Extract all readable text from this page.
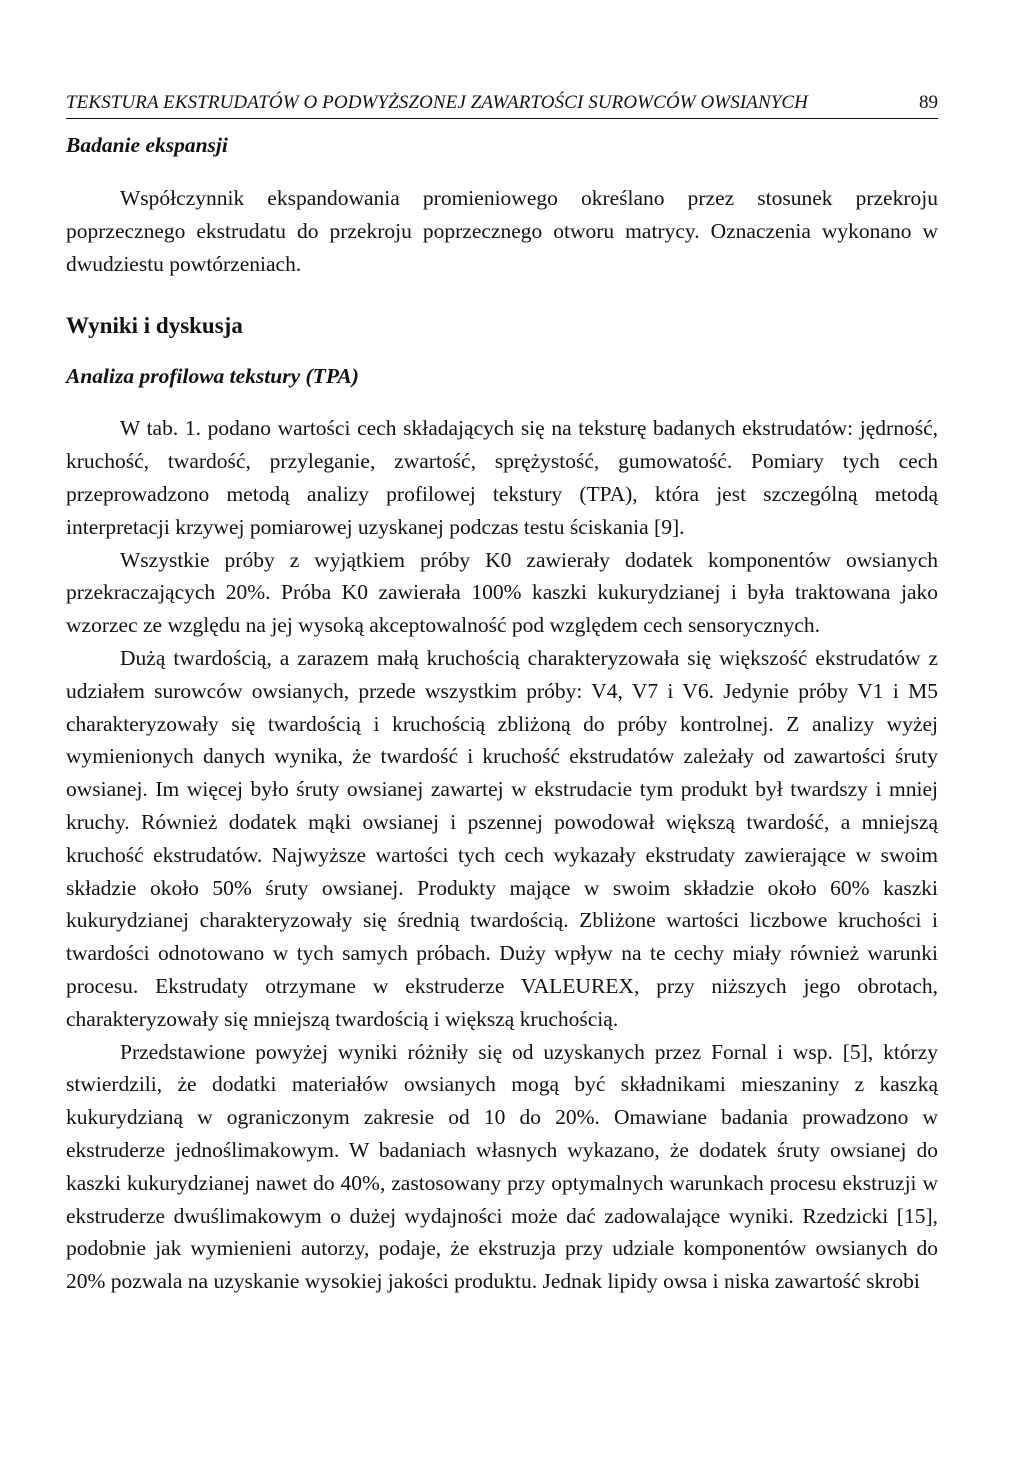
TEKSTURA EKSTRUDATÓW O PODWYŻSZONEJ ZAWARTOŚCI SUROWCÓW OWSIANYCH	89
Badanie ekspansji

Współczynnik ekspandowania promieniowego określano przez stosunek przekroju poprzecznego ekstrudatu do przekroju poprzecznego otworu matrycy. Oznaczenia wykonano w dwudziestu powtórzeniach.

Wyniki i dyskusja
Analiza profilowa tekstury (TPA)

W tab. 1. podano wartości cech składających się na teksturę badanych ekstrudatów: jędrność, kruchość, twardość, przyleganie, zwartość, sprężystość, gumowatość. Pomiary tych cech przeprowadzono metodą analizy profilowej tekstury (TPA), która jest szczególną metodą interpretacji krzywej pomiarowej uzyskanej podczas testu ściskania [9].

Wszystkie próby z wyjątkiem próby K0 zawierały dodatek komponentów owsianych przekraczających 20%. Próba K0 zawierała 100% kaszki kukurydzianej i była traktowana jako wzorzec ze względu na jej wysoką akceptowalność pod względem cech sensorycznych.

Dużą twardością, a zarazem małą kruchością charakteryzowała się większość ekstrudatów z udziałem surowców owsianych, przede wszystkim próby: V4, V7 i V6. Jedynie próby V1 i M5 charakteryzowały się twardością i kruchością zbliżoną do próby kontrolnej. Z analizy wyżej wymienionych danych wynika, że twardość i kruchość ekstrudatów zależały od zawartości śruty owsianej. Im więcej było śruty owsianej zawartej w ekstrudacie tym produkt był twardszy i mniej kruchy. Również dodatek mąki owsianej i pszennej powodował większą twardość, a mniejszą kruchość ekstrudatów. Najwyższe wartości tych cech wykazały ekstrudaty zawierające w swoim składzie około 50% śruty owsianej. Produkty mające w swoim składzie około 60% kaszki kukurydzianej charakteryzowały się średnią twardością. Zbliżone wartości liczbowe kruchości i twardości odnotowano w tych samych próbach. Duży wpływ na te cechy miały również warunki procesu. Ekstrudaty otrzymane w ekstruderze VALEUREX, przy niższych jego obrotach, charakteryzowały się mniejszą twardością i większą kruchością.

Przedstawione powyżej wyniki różniły się od uzyskanych przez Fornal i wsp. [5], którzy stwierdzili, że dodatki materiałów owsianych mogą być składnikami mieszaniny z kaszką kukurydzianą w ograniczonym zakresie od 10 do 20%. Omawiane badania prowadzono w ekstruderze jednoślimakowym. W badaniach własnych wykazano, że dodatek śruty owsianej do kaszki kukurydzianej nawet do 40%, zastosowany przy optymalnych warunkach procesu ekstruzji w ekstruderze dwuślimakowym o dużej wydajności może dać zadowalające wyniki. Rzedzicki [15], podobnie jak wymienieni autorzy, podaje, że ekstruzja przy udziale komponentów owsianych do 20% pozwala na uzyskanie wysokiej jakości produktu. Jednak lipidy owsa i niska zawartość skrobi
